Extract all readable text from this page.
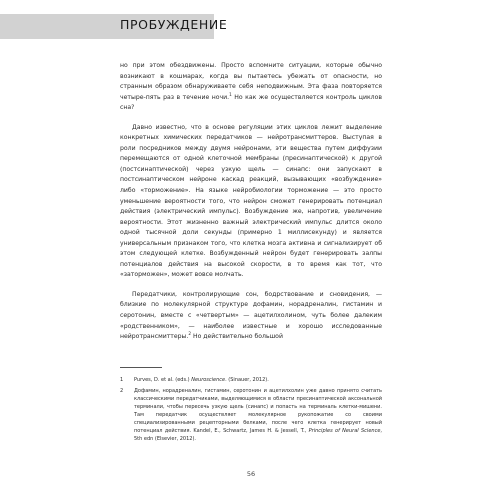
ПРОБУЖДЕНИЕ

но при этом обездвижены. Просто вспомните ситуации, которые обычно возникают в кошмарах, когда вы пытаетесь убежать от опасности, но странным образом обнаруживаете себя неподвижным. Эта фаза повторяется четыре-пять раз в течение ночи.$^1$ Но как же осуществляется контроль циклов сна?

Давно известно, что в основе регуляции этих циклов лежит выделение конкретных химических передатчиков — нейротрансмиттеров. Выступая в роли посредников между двумя нейронами, эти вещества путем диффузии перемещаются от одной клеточной мембраны (пресинаптической) к другой (постсинаптической) через узкую щель — синапс: они запускают в постсинаптическом нейроне каскад реакций, вызывающих «возбуждение» либо «торможение». На языке нейробиологии торможение — это просто уменьшение вероятности того, что нейрон сможет генерировать потенциал действия (электрический импульс). Возбуждение же, напротив, увеличение вероятности. Этот жизненно важный электрический импульс длится около одной тысячной доли секунды (примерно 1 миллисекунду) и является универсальным признаком того, что клетка мозга активна и сигнализирует об этом следующей клетке. Возбужденный нейрон будет генерировать залпы потенциалов действия на высокой скорости, в то время как тот, что «заторможен», может вовсе молчать.

Передатчики, контролирующие сон, бодрствование и сновидения, — близкие по молекулярной структуре дофамин, норадреналин, гистамин и серотонин, вместе с «четвертым» — ацетилхолином, чуть более далеким «родственником», — наиболее известные и хорошо исследованные нейротрансмиттеры.$^2$ Но действительно большой

1	Purves, D. et al. (eds.) Neuroscience. (Sinauer, 2012).
2	Дофамин, норадреналин, гистамин, серотонин и ацетилхолин уже давно принято считать классическими передатчиками, выделяющимися в области пресинаптической аксональной терминали, чтобы пересечь узкую щель (синапс) и попасть на терминаль клетки-мишени. Там передатчик осуществляет молекулярное рукопожатие со своими специализированными рецепторными белками, после чего клетка генерирует новый потенциал действия. Kandel, E., Schwartz, James H. & Jessell, T., Principles of Neural Science, 5th edn (Elsevier, 2012).
56
